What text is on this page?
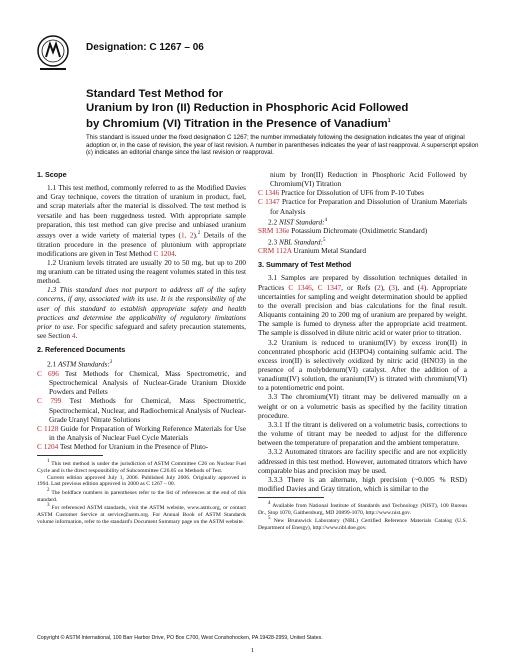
Designation: C 1267 – 06
Standard Test Method for
Uranium by Iron (II) Reduction in Phosphoric Acid Followed
by Chromium (VI) Titration in the Presence of Vanadium$^1$
This standard is issued under the fixed designation C 1267; the number immediately following the designation indicates the year of original adoption or, in the case of revision, the year of last revision. A number in parentheses indicates the year of last reapproval. A superscript epsilon (ε) indicates an editorial change since the last revision or reapproval.

1. Scope

1.1 This test method, commonly referred to as the Modified Davies and Gray technique, covers the titration of uranium in product, fuel, and scrap materials after the material is dissolved. The test method is versatile and has been ruggedness tested. With appropriate sample preparation, this test method can give precise and unbiased uranium assays over a wide variety of material types (1, 2).$^2$ Details of the titration procedure in the presence of plutonium with appropriate modifications are given in Test Method C 1204.

1.2 Uranium levels titrated are usually 20 to 50 mg, but up to 200 mg uranium can be titrated using the reagent volumes stated in this test method.

1.3 This standard does not purport to address all of the safety concerns, if any, associated with its use. It is the responsibility of the user of this standard to establish appropriate safety and health practices and determine the applicability of regulatory limitations prior to use. For specific safeguard and safety precaution statements, see Section 4.

2. Referenced Documents

2.1 ASTM Standards:$^3$

C 696 Test Methods for Chemical, Mass Spectrometric, and Spectrochemical Analysis of Nuclear-Grade Uranium Dioxide Powders and Pellets

C 799 Test Methods for Chemical, Mass Spectrometric, Spectrochemical, Nuclear, and Radiochemical Analysis of Nuclear-Grade Uranyl Nitrate Solutions

C 1128 Guide for Preparation of Working Reference Materials for Use in the Analysis of Nuclear Fuel Cycle Materials

C 1204 Test Method for Uranium in the Presence of Pluto-

1 This test method is under the jurisdiction of ASTM Committee C26 on Nuclear Fuel Cycle and is the direct responsibility of Subcommittee C26.05 on Methods of Test.

Current edition approved July 1, 2006. Published July 2006. Originally approved in 1994. Last previous edition approved in 2000 as C 1267 – 00.

2 The boldface numbers in parentheses refer to the list of references at the end of this standard.

3 For referenced ASTM standards, visit the ASTM website, www.astm.org, or contact ASTM Customer Service at service@astm.org. For Annual Book of ASTM Standards volume information, refer to the standard's Document Summary page on the ASTM website.

nium by Iron(II) Reduction in Phosphoric Acid Followed by Chromium(VI) Titration

C 1346 Practice for Dissolution of UF6 from P-10 Tubes

C 1347 Practice for Preparation and Dissolution of Uranium Materials for Analysis

2.2 NIST Standard:$^4$

SRM 136e Potassium Dichromate (Oxidimetric Standard)

2.3 NBL Standard:$^5$

CRM 112A Uranium Metal Standard

3. Summary of Test Method

3.1 Samples are prepared by dissolution techniques detailed in Practices C 1346, C 1347, or Refs (2), (3), and (4). Appropriate uncertainties for sampling and weight determination should be applied to the overall precision and bias calculations for the final result. Aliquants containing 20 to 200 mg of uranium are prepared by weight. The sample is fumed to dryness after the appropriate acid treatment. The sample is dissolved in dilute nitric acid or water prior to titration.

3.2 Uranium is reduced to uranium(IV) by excess iron(II) in concentrated phosphoric acid (H3PO4) containing sulfamic acid. The excess iron(II) is selectively oxidized by nitric acid (HNO3) in the presence of a molybdenum(VI) catalyst. After the addition of a vanadium(IV) solution, the uranium(IV) is titrated with chromium(VI) to a potentiometric end point.

3.3 The chromium(VI) titrant may be delivered manually on a weight or on a volumetric basis as specified by the facility titration procedure.

3.3.1 If the titrant is delivered on a volumetric basis, corrections to the volume of titrant may be needed to adjust for the difference between the temperature of preparation and the ambient temperature.

3.3.2 Automated titrators are facility specific and are not explicitly addressed in this test method. However, automated titrators which have comparable bias and precision may be used.

3.3.3 There is an alternate, high precision (~0.005 % RSD) modified Davies and Gray titration, which is similar to the

4 Available from National Institute of Standards and Technology (NIST), 100 Bureau Dr., Stop 1070, Gaithersburg, MD 20899-1070, http://www.nist.gov.

5 New Brunswick Laboratory (NBL) Certified Reference Materials Catalog (U.S. Department of Energy), http://www.nbl.doe.gov.

Copyright © ASTM International, 100 Barr Harbor Drive, PO Box C700, West Conshohocken, PA 19428-2959, United States.
1
